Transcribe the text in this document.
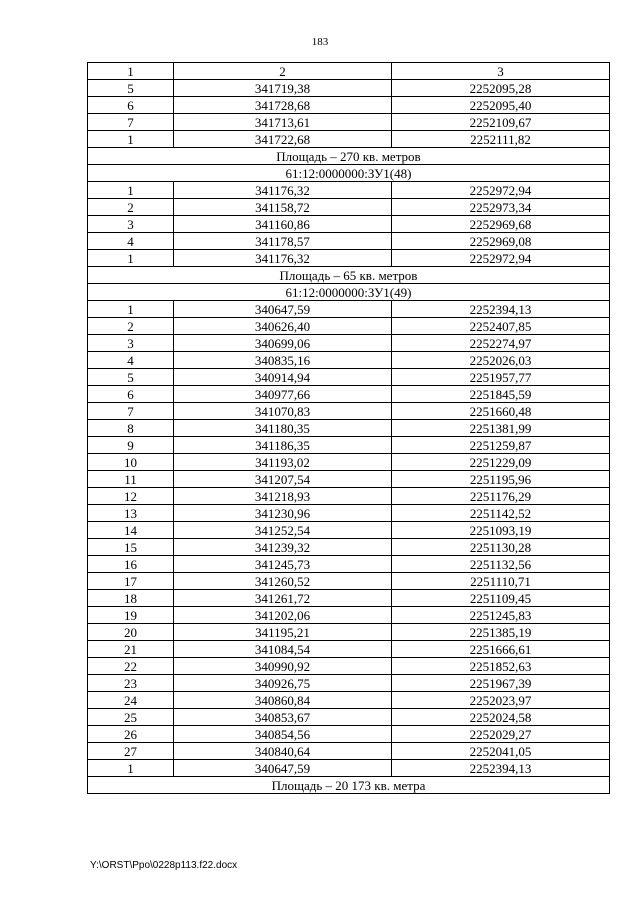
183
1	2	3
5	341719,38	2252095,28
6	341728,68	2252095,40
7	341713,61	2252109,67
1	341722,68	2252111,82
Площадь – 270 кв. метров		
61:12:0000000:ЗУ1(48)		
1	341176,32	2252972,94
2	341158,72	2252973,34
3	341160,86	2252969,68
4	341178,57	2252969,08
1	341176,32	2252972,94
Площадь – 65 кв. метров		
61:12:0000000:ЗУ1(49)		
1	340647,59	2252394,13
2	340626,40	2252407,85
3	340699,06	2252274,97
4	340835,16	2252026,03
5	340914,94	2251957,77
6	340977,66	2251845,59
7	341070,83	2251660,48
8	341180,35	2251381,99
9	341186,35	2251259,87
10	341193,02	2251229,09
11	341207,54	2251195,96
12	341218,93	2251176,29
13	341230,96	2251142,52
14	341252,54	2251093,19
15	341239,32	2251130,28
16	341245,73	2251132,56
17	341260,52	2251110,71
18	341261,72	2251109,45
19	341202,06	2251245,83
20	341195,21	2251385,19
21	341084,54	2251666,61
22	340990,92	2251852,63
23	340926,75	2251967,39
24	340860,84	2252023,97
25	340853,67	2252024,58
26	340854,56	2252029,27
27	340840,64	2252041,05
1	340647,59	2252394,13
Площадь – 20 173 кв. метра		
Y:\ORST\Ppo\0228p113.f22.docx
